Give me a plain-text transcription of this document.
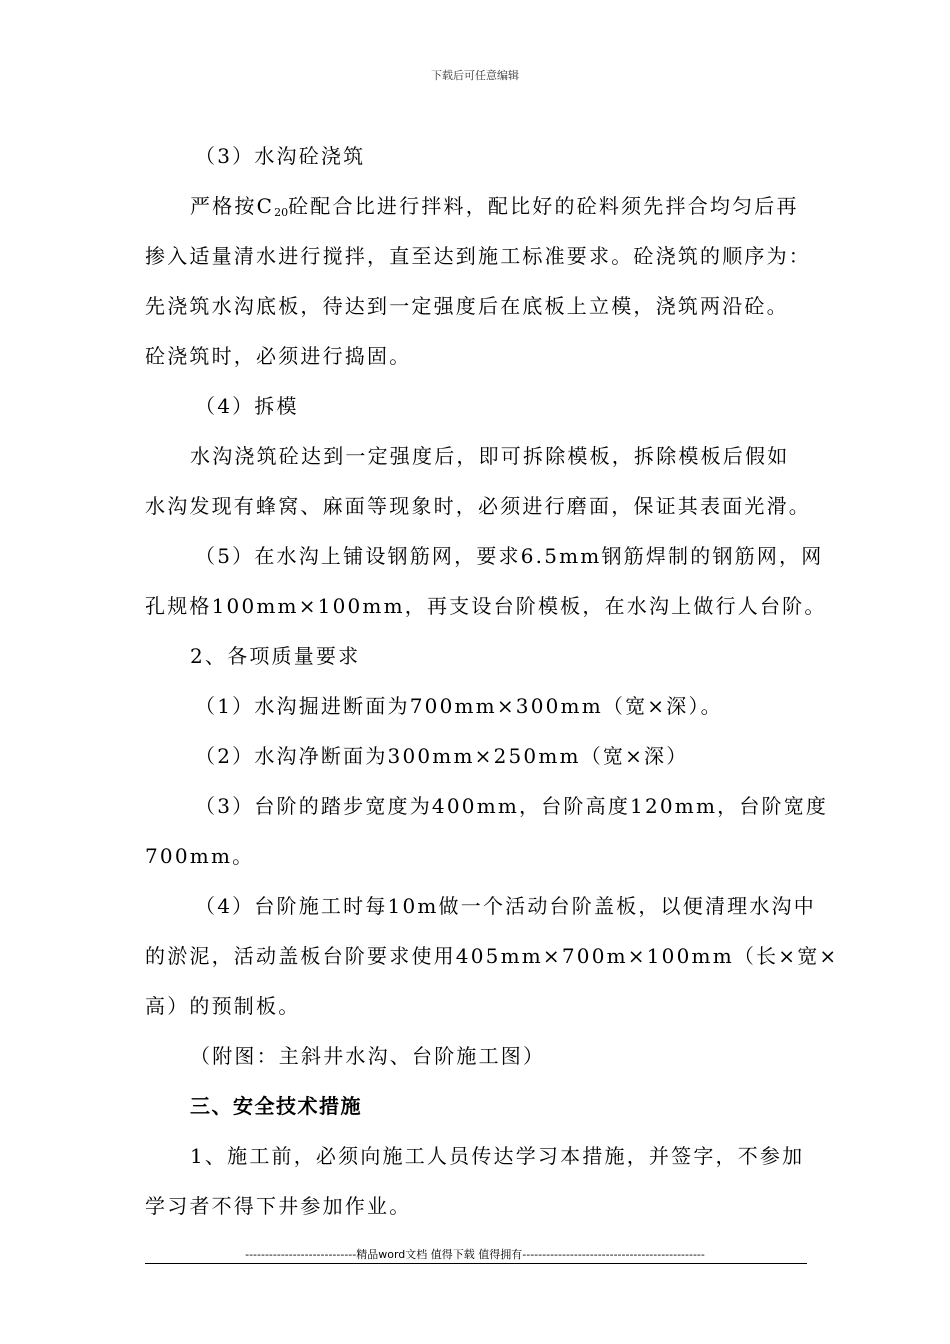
下载后可任意编辑
（3）水沟砼浇筑
严格按$C_{20}$砼配合比进行拌料，配比好的砼料须先拌合均匀后再
掺入适量清水进行搅拌，直至达到施工标准要求。砼浇筑的顺序为：
先浇筑水沟底板，待达到一定强度后在底板上立模，浇筑两沿砼。
砼浇筑时，必须进行捣固。
（4）拆模
水沟浇筑砼达到一定强度后，即可拆除模板，拆除模板后假如
水沟发现有蜂窝、麻面等现象时，必须进行磨面，保证其表面光滑。
（5）在水沟上铺设钢筋网，要求6.5mm钢筋焊制的钢筋网，网
孔规格100mm×100mm，再支设台阶模板，在水沟上做行人台阶。
2、各项质量要求
（1）水沟掘进断面为700mm×300mm（宽×深）。
（2）水沟净断面为300mm×250mm（宽×深）
（3）台阶的踏步宽度为400mm，台阶高度120mm，台阶宽度
700mm。
（4）台阶施工时每10m做一个活动台阶盖板，以便清理水沟中
的淤泥，活动盖板台阶要求使用405mm×700m×100mm（长×宽×
高）的预制板。
（附图：主斜井水沟、台阶施工图）
三、安全技术措施
1、施工前，必须向施工人员传达学习本措施，并签字，不参加
学习者不得下井参加作业。
----------------------------精品word文档 值得下载 值得拥有----------------------------------------------
